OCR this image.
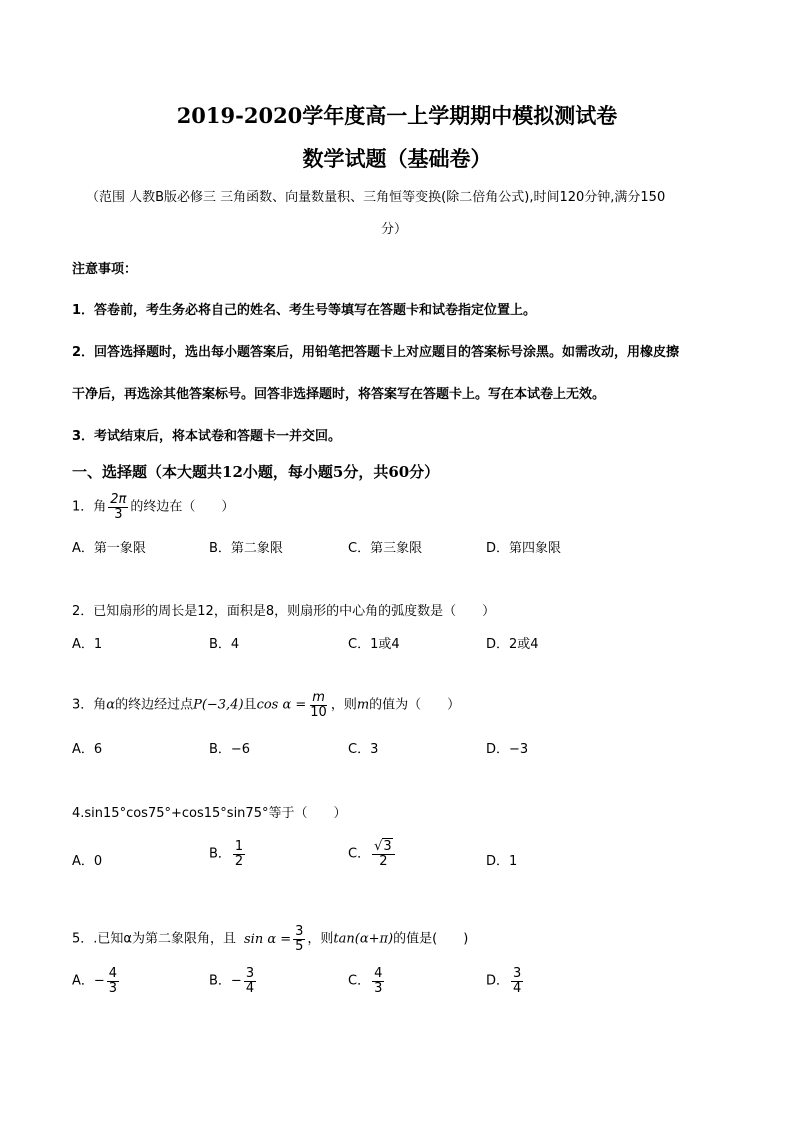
2019-2020学年度高一上学期期中模拟测试卷
数学试题（基础卷）
（范围 人教B版必修三 三角函数、向量数量积、三角恒等变换(除二倍角公式),时间120分钟,满分150
分）
注意事项：
1．答卷前，考生务必将自己的姓名、考生号等填写在答题卡和试卷指定位置上。
2．回答选择题时，选出每小题答案后，用铅笔把答题卡上对应题目的答案标号涂黑。如需改动，用橡皮擦
干净后，再选涂其他答案标号。回答非选择题时，将答案写在答题卡上。写在本试卷上无效。
3．考试结束后，将本试卷和答题卡一并交回。
一、选择题（本大题共12小题，每小题5分，共60分）
1．角 $\frac{2\pi}{3}$ 的终边在（　　）
A．第一象限	B．第二象限	C．第三象限	D．第四象限
2．已知扇形的周长是12，面积是8，则扇形的中心角的弧度数是（　　）
A．1	B．4	C．1或4	D．2或4
3．角α的终边经过点P(−3,4)且$\cos \alpha = \frac{m}{10}$ ，则m的值为（　　）
A．6	B．−6	C．3	D．−3
4.sin15°cos75°+cos15°sin75°等于（　　）
A．0	B． $\frac{1}{2}$	C． $\frac{√3}{2}$	D．1
5．.已知α为第二象限角，且 $\sin \alpha = \frac{3}{5}$ ，则tan(α+π)的值是(　　)
A．− $\frac{4}{3}$	B．− $\frac{3}{4}$	C． $\frac{4}{3}$	D． $\frac{3}{4}$
